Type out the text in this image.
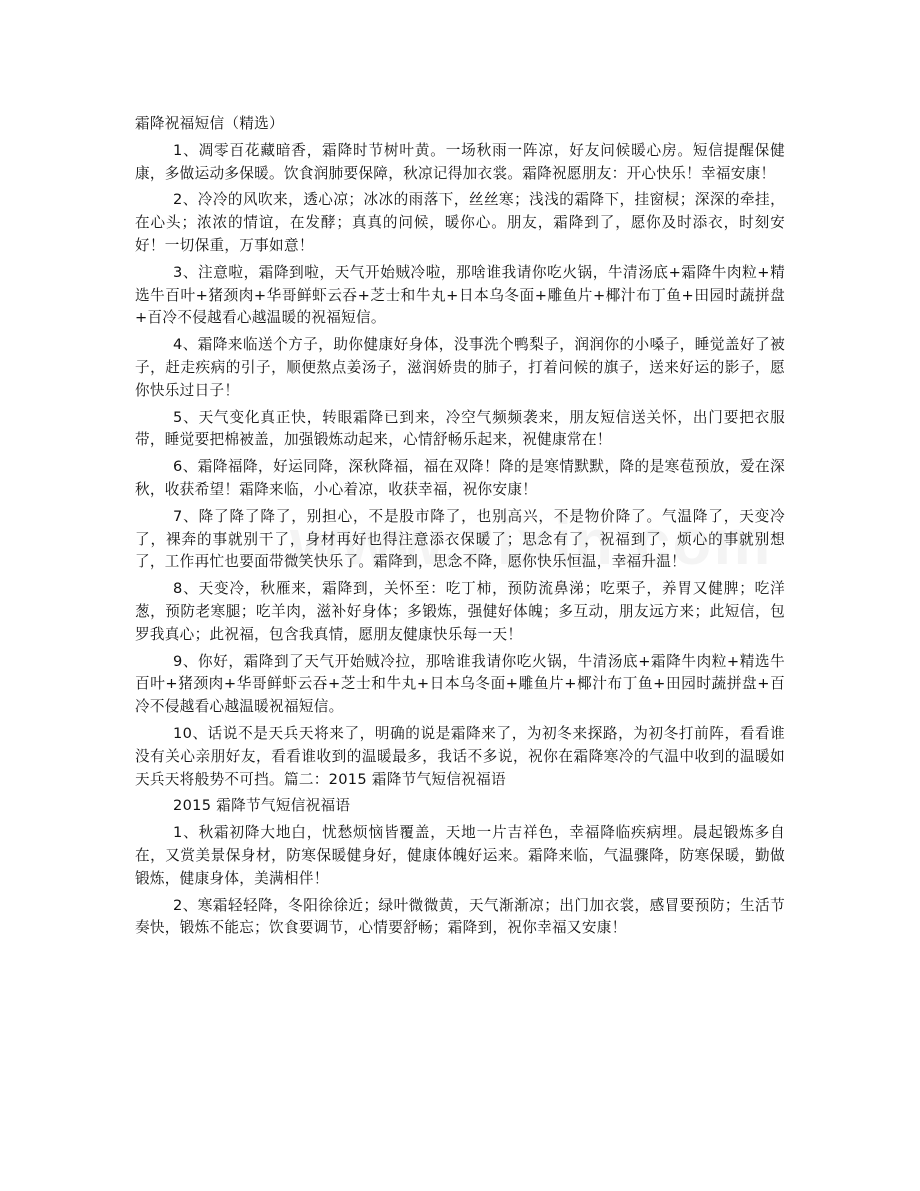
霜降祝福短信（精选）

1、凋零百花藏暗香，霜降时节树叶黄。一场秋雨一阵凉，好友问候暖心房。短信提醒保健康，多做运动多保暖。饮食润肺要保障，秋凉记得加衣裳。霜降祝愿朋友：开心快乐！幸福安康！

2、冷冷的风吹来，透心凉；冰冰的雨落下，丝丝寒；浅浅的霜降下，挂窗棂；深深的牵挂，在心头；浓浓的情谊，在发酵；真真的问候，暖你心。朋友，霜降到了，愿你及时添衣，时刻安好！一切保重，万事如意！

3、注意啦，霜降到啦，天气开始贼冷啦，那啥谁我请你吃火锅，牛清汤底+霜降牛肉粒+精选牛百叶+猪颈肉+华哥鲜虾云吞+芝士和牛丸+日本乌冬面+雕鱼片+椰汁布丁鱼+田园时蔬拼盘+百冷不侵越看心越温暖的祝福短信。

4、霜降来临送个方子，助你健康好身体，没事洗个鸭梨子，润润你的小嗓子，睡觉盖好了被子，赶走疾病的引子，顺便熬点姜汤子，滋润娇贵的肺子，打着问候的旗子，送来好运的影子，愿你快乐过日子！

5、天气变化真正快，转眼霜降已到来，冷空气频频袭来，朋友短信送关怀，出门要把衣服带，睡觉要把棉被盖，加强锻炼动起来，心情舒畅乐起来，祝健康常在！

6、霜降福降，好运同降，深秋降福，福在双降！降的是寒情默默，降的是寒苞预放，爱在深秋，收获希望！霜降来临，小心着凉，收获幸福，祝你安康！

7、降了降了降了，别担心，不是股市降了，也别高兴，不是物价降了。气温降了，天变冷了，裸奔的事就别干了，身材再好也得注意添衣保暖了；思念有了，祝福到了，烦心的事就别想了，工作再忙也要面带微笑快乐了。霜降到，思念不降，愿你快乐恒温，幸福升温！

8、天变冷，秋雁来，霜降到，关怀至：吃丁柿，预防流鼻涕；吃栗子，养胃又健脾；吃洋葱，预防老寒腿；吃羊肉，滋补好身体；多锻炼，强健好体魄；多互动，朋友远方来；此短信，包罗我真心；此祝福，包含我真情，愿朋友健康快乐每一天！

9、你好，霜降到了天气开始贼冷拉，那啥谁我请你吃火锅，牛清汤底+霜降牛肉粒+精选牛百叶+猪颈肉+华哥鲜虾云吞+芝士和牛丸+日本乌冬面+雕鱼片+椰汁布丁鱼+田园时蔬拼盘+百冷不侵越看心越温暖祝福短信。

10、话说不是天兵天将来了，明确的说是霜降来了，为初冬来探路，为初冬打前阵，看看谁没有关心亲朋好友，看看谁收到的温暖最多，我话不多说，祝你在霜降寒冷的气温中收到的温暖如天兵天将般势不可挡。篇二：2015 霜降节气短信祝福语

2015 霜降节气短信祝福语

1、秋霜初降大地白，忧愁烦恼皆覆盖，天地一片吉祥色，幸福降临疾病埋。晨起锻炼多自在，又赏美景保身材，防寒保暖健身好，健康体魄好运来。霜降来临，气温骤降，防寒保暖，勤做锻炼，健康身体，美满相伴！

2、寒霜轻轻降，冬阳徐徐近；绿叶微微黄，天气渐渐凉；出门加衣裳，感冒要预防；生活节奏快，锻炼不能忘；饮食要调节，心情要舒畅；霜降到，祝你幸福又安康！
